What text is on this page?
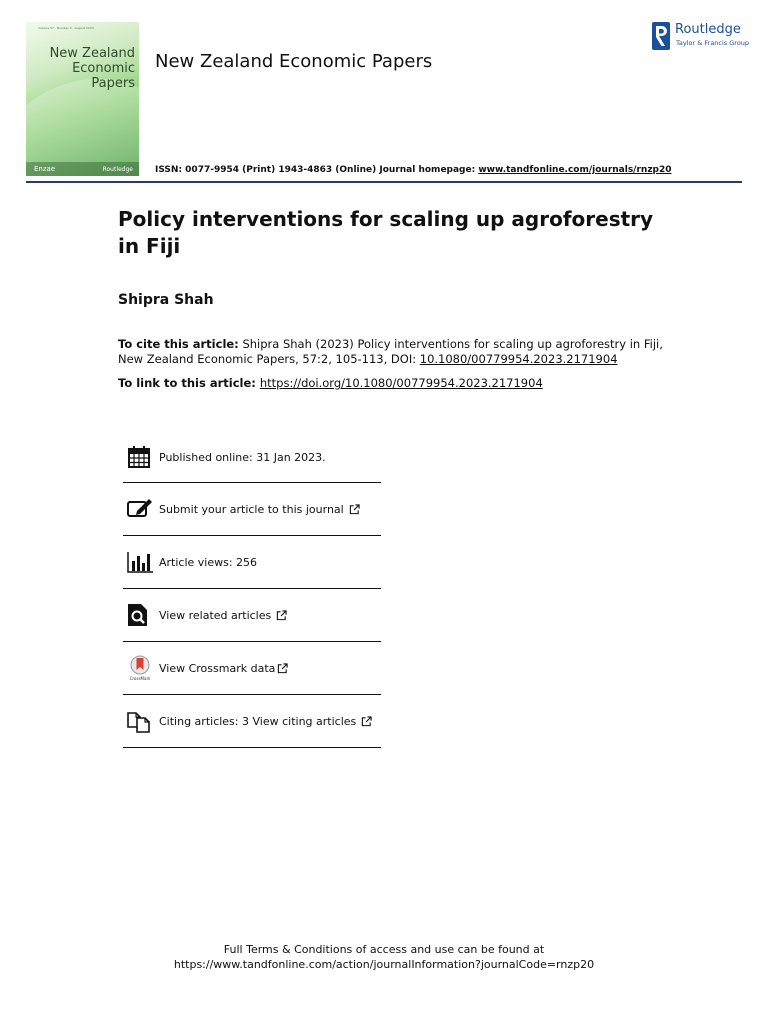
Volume 57 · Number 2 · August 2023
New Zealand
Economic
Papers
Enzae	Routledge
New Zealand Economic Papers
Routledge
Taylor & Francis Group
ISSN: 0077-9954 (Print) 1943-4863 (Online) Journal homepage: www.tandfonline.com/journals/rnzp20
Policy interventions for scaling up agroforestry in Fiji
Shipra Shah
To cite this article: Shipra Shah (2023) Policy interventions for scaling up agroforestry in Fiji, New Zealand Economic Papers, 57:2, 105-113, DOI: 10.1080/00779954.2023.2171904
To link to this article: https://doi.org/10.1080/00779954.2023.2171904
Published online: 31 Jan 2023.
Submit your article to this journal
Article views: 256
View related articles
CrossMark
View Crossmark data
Citing articles: 3 View citing articles
Full Terms & Conditions of access and use can be found at
https://www.tandfonline.com/action/journalInformation?journalCode=rnzp20
